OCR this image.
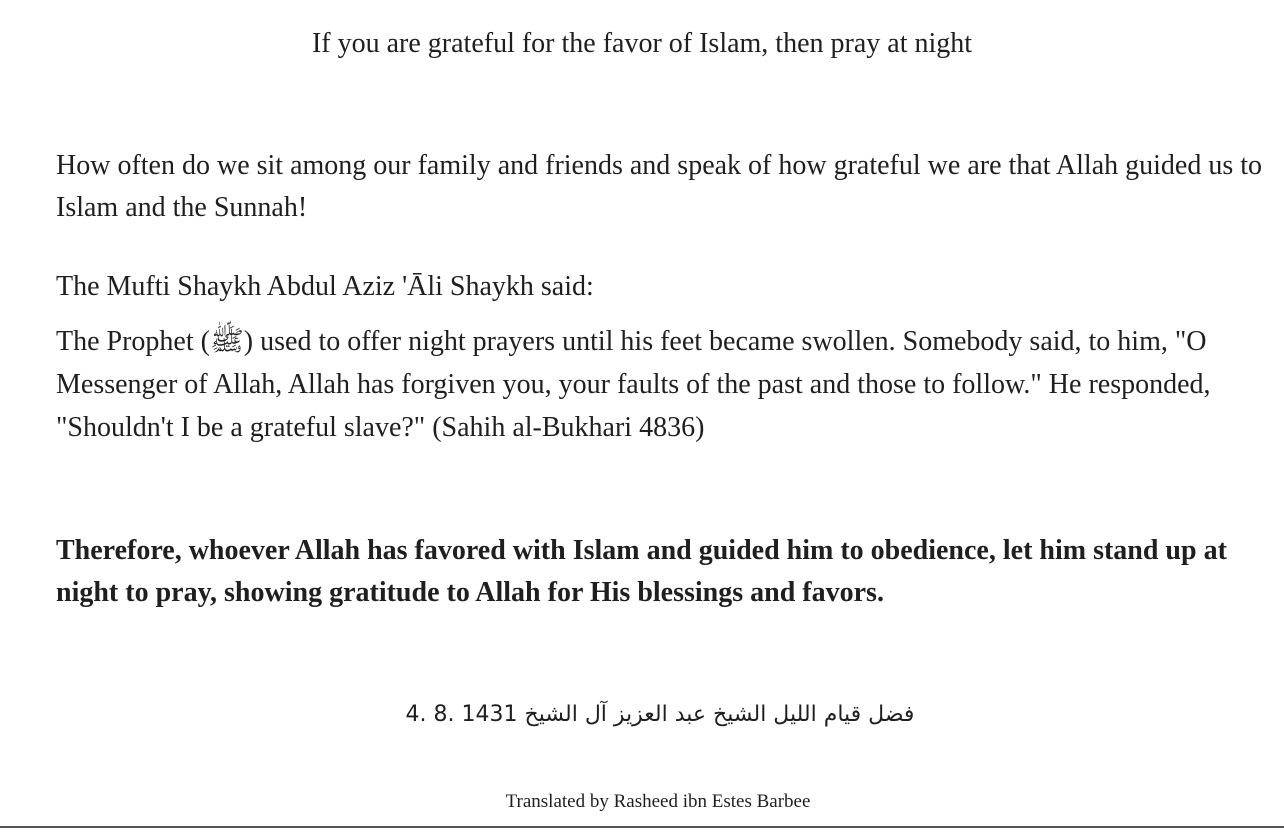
If you are grateful for the favor of Islam, then pray at night

How often do we sit among our family and friends and speak of how grateful we are that Allah guided us to Islam and the Sunnah!

The Mufti Shaykh Abdul Aziz 'Āli Shaykh said:

The Prophet (ﷺ) used to offer night prayers until his feet became swollen. Somebody said, to him, "O Messenger of Allah, Allah has forgiven you, your faults of the past and those to follow." He responded, "Shouldn't I be a grateful slave?" (Sahih al-Bukhari 4836)

Therefore, whoever Allah has favored with Islam and guided him to obedience, let him stand up at night to pray, showing gratitude to Allah for His blessings and favors.

فضل قيام الليل الشيخ عبد العزيز آل الشيخ 1431 .8 .4
Translated by Rasheed ibn Estes Barbee
